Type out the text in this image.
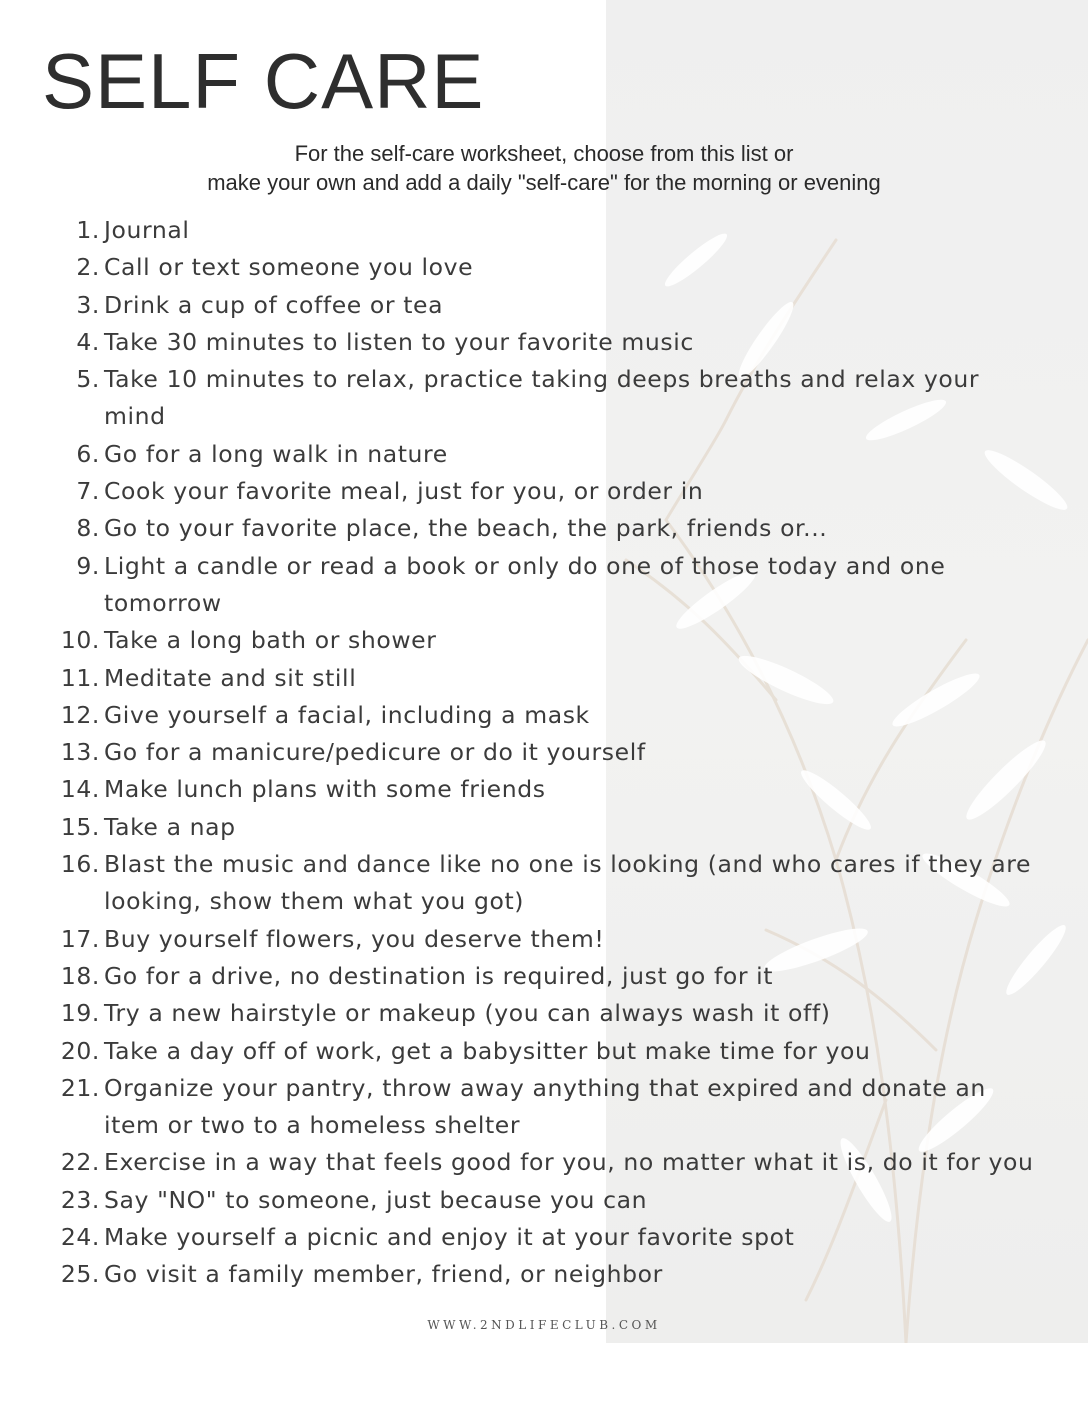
SELF CARE

For the self-care worksheet, choose from this list or
make your own and add a daily "self-care" for the morning or evening

1. Journal
2. Call or text someone you love
3. Drink a cup of coffee or tea
4. Take 30 minutes to listen to your favorite music
5. Take 10 minutes to relax, practice taking deeps breaths and relax your mind
6. Go for a long walk in nature
7. Cook your favorite meal, just for you, or order in
8. Go to your favorite place, the beach, the park, friends or...
9. Light a candle or read a book or only do one of those today and one tomorrow
10. Take a long bath or shower
11. Meditate and sit still
12. Give yourself a facial, including a mask
13. Go for a manicure/pedicure or do it yourself
14. Make lunch plans with some friends
15. Take a nap
16. Blast the music and dance like no one is looking (and who cares if they are looking, show them what you got)
17. Buy yourself flowers, you deserve them!
18. Go for a drive, no destination is required, just go for it
19. Try a new hairstyle or makeup (you can always wash it off)
20. Take a day off of work, get a babysitter but make time for you
21. Organize your pantry, throw away anything that expired and donate an item or two to a homeless shelter
22. Exercise in a way that feels good for you, no matter what it is, do it for you
23. Say "NO" to someone, just because you can
24. Make yourself a picnic and enjoy it at your favorite spot
25. Go visit a family member, friend, or neighbor

WWW.2NDLIFECLUB.COM
